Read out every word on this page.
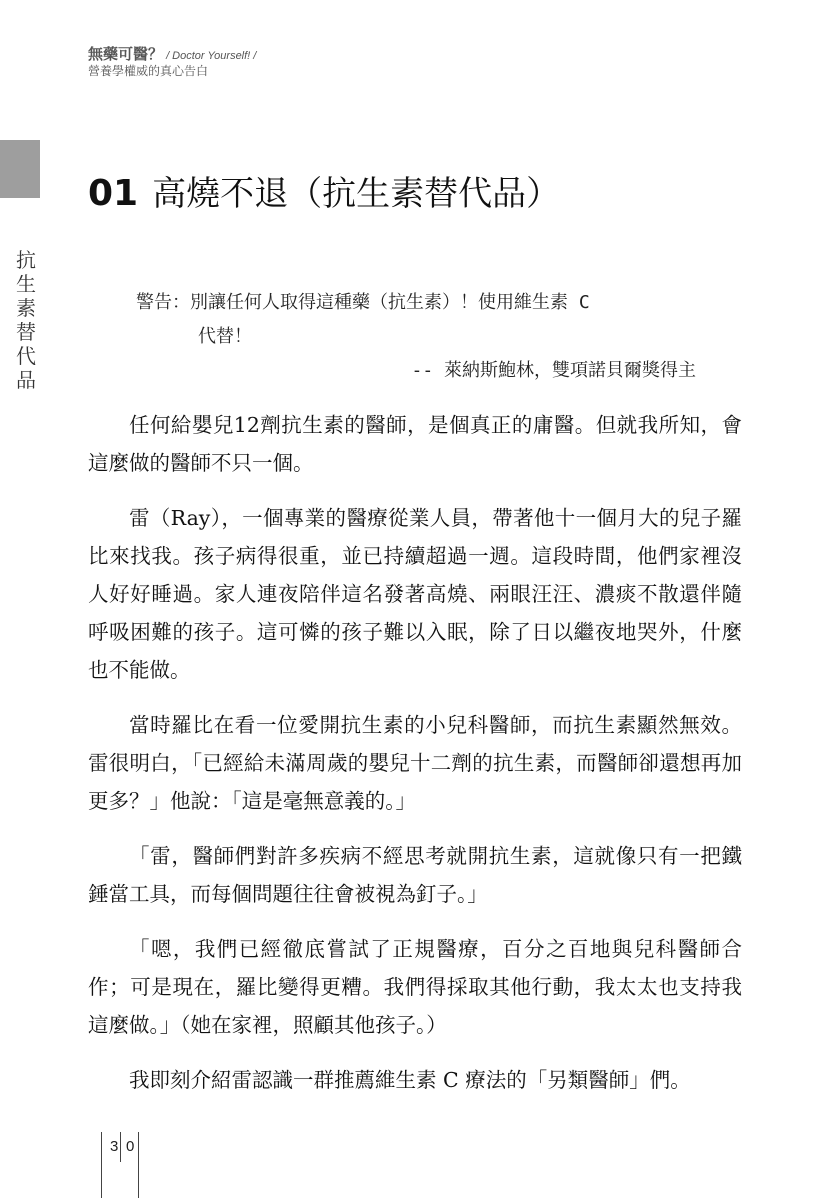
無藥可醫？ / Doctor Yourself! /
營養學權威的真心告白
抗生素替代品
01 高燒不退（抗生素替代品）
警告：別讓任何人取得這種藥（抗生素）！使用維生素 C
代替！
-- 萊納斯鮑林，雙項諾貝爾獎得主

任何給嬰兒12劑抗生素的醫師，是個真正的庸醫。但就我所知，會這麼做的醫師不只一個。

雷（Ray），一個專業的醫療從業人員，帶著他十一個月大的兒子羅比來找我。孩子病得很重，並已持續超過一週。這段時間，他們家裡沒人好好睡過。家人連夜陪伴這名發著高燒、兩眼汪汪、濃痰不散還伴隨呼吸困難的孩子。這可憐的孩子難以入眠，除了日以繼夜地哭外，什麼也不能做。

當時羅比在看一位愛開抗生素的小兒科醫師，而抗生素顯然無效。雷很明白，「已經給未滿周歲的嬰兒十二劑的抗生素，而醫師卻還想再加更多？」他說：「這是毫無意義的。」

「雷，醫師們對許多疾病不經思考就開抗生素，這就像只有一把鐵錘當工具，而每個問題往往會被視為釘子。」

「嗯，我們已經徹底嘗試了正規醫療，百分之百地與兒科醫師合作；可是現在，羅比變得更糟。我們得採取其他行動，我太太也支持我這麼做。」（她在家裡，照顧其他孩子。）

我即刻介紹雷認識一群推薦維生素 C 療法的「另類醫師」們。

3 0
